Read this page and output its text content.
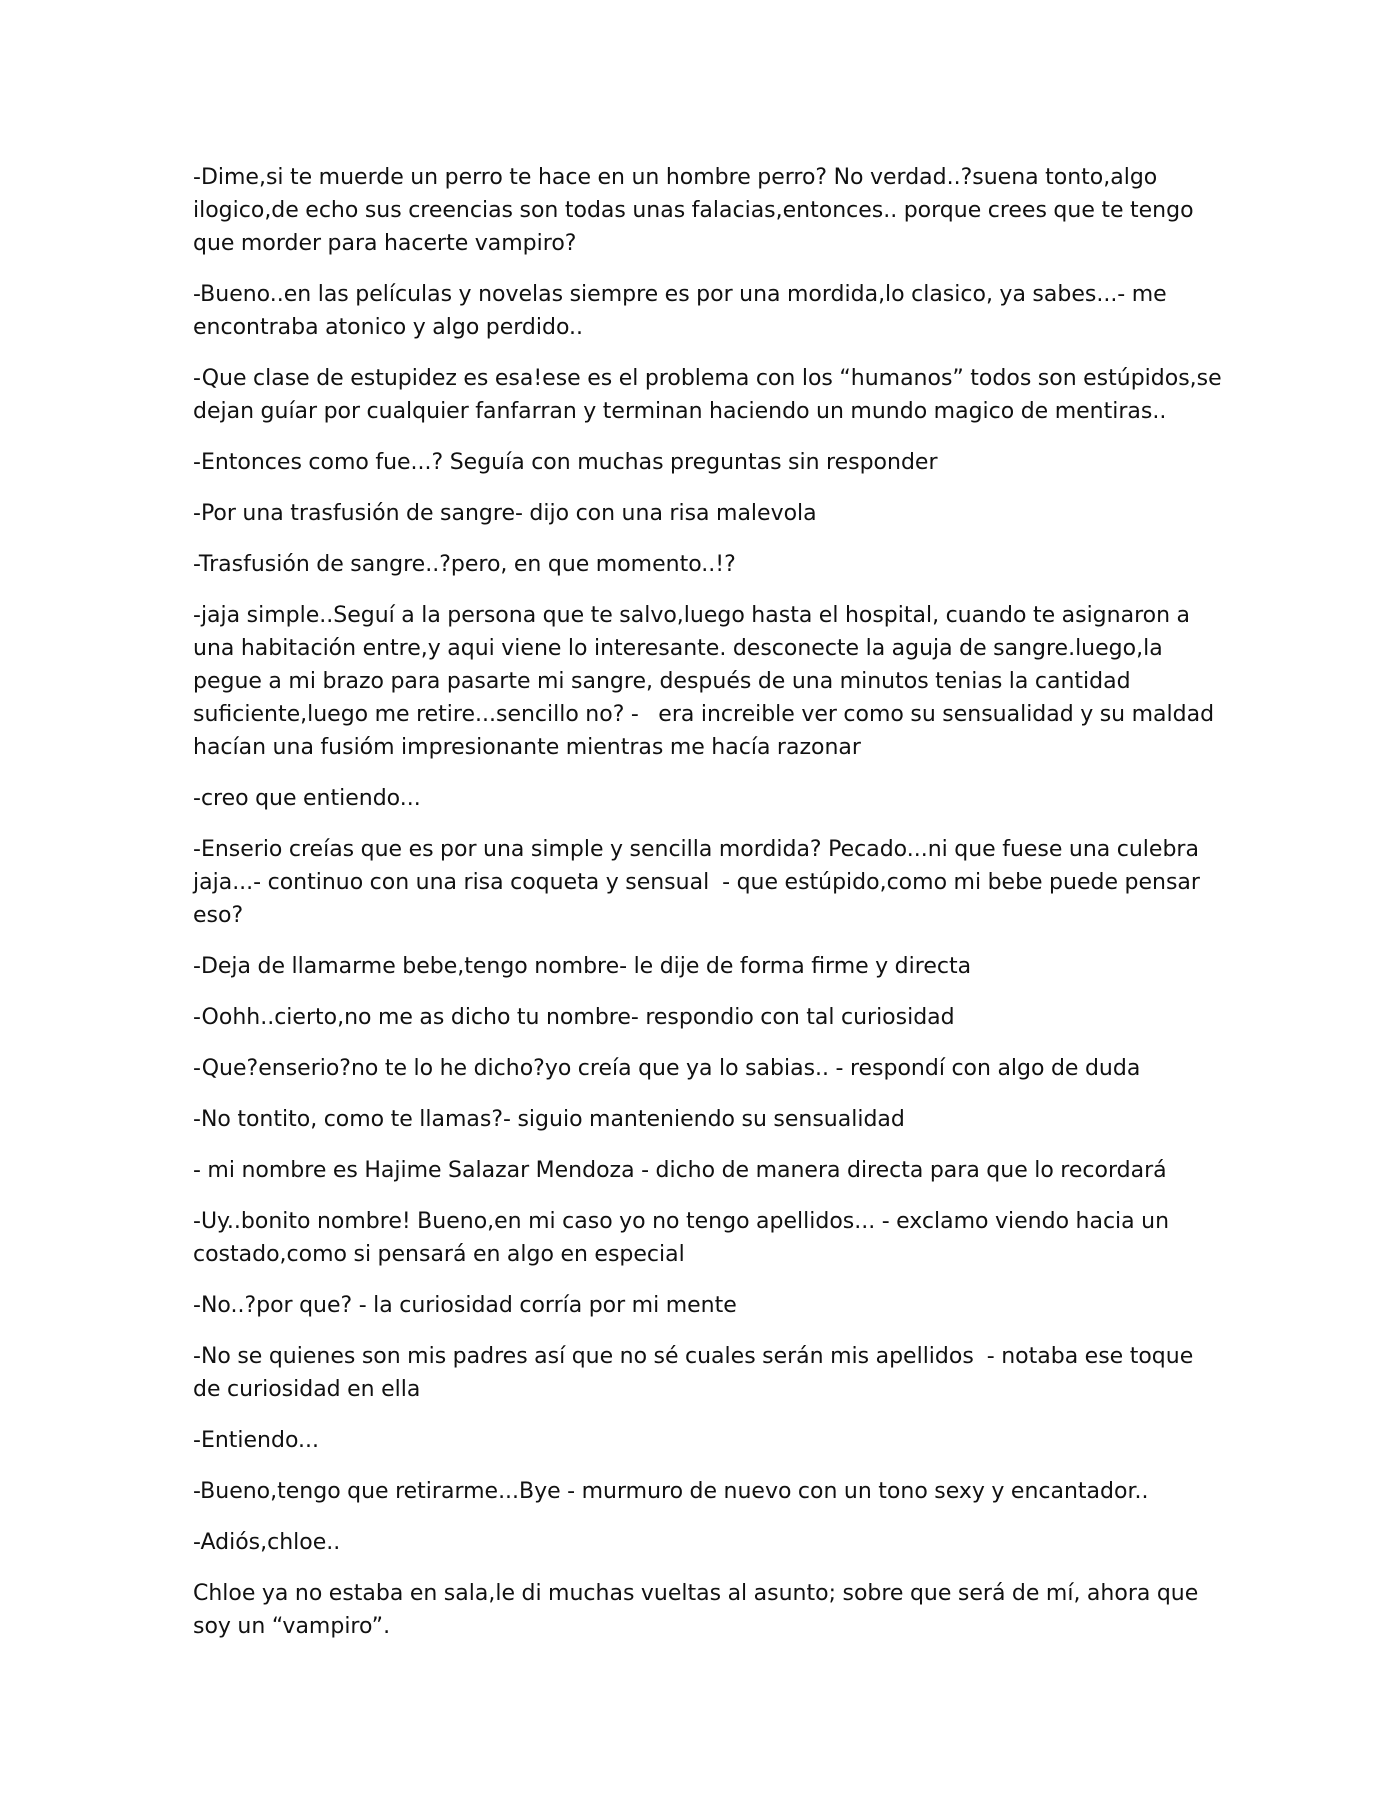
-Dime,si te muerde un perro te hace en un hombre perro? No verdad..?suena tonto,algo ilogico,de echo sus creencias son todas unas falacias,entonces.. porque crees que te tengo que morder para hacerte vampiro?

-Bueno..en las películas y novelas siempre es por una mordida,lo clasico, ya sabes...- me encontraba atonico y algo perdido..

-Que clase de estupidez es esa!ese es el problema con los “humanos” todos son estúpidos,se dejan guíar por cualquier fanfarran y terminan haciendo un mundo magico de mentiras..

-Entonces como fue...? Seguía con muchas preguntas sin responder

-Por una trasfusión de sangre- dijo con una risa malevola

-Trasfusión de sangre..?pero, en que momento..!?

-jaja simple..Seguí a la persona que te salvo,luego hasta el hospital, cuando te asignaron a una habitación entre,y aqui viene lo interesante. desconecte la aguja de sangre.luego,la pegue a mi brazo para pasarte mi sangre, después de una minutos tenias la cantidad suficiente,luego me retire...sencillo no? -   era increible ver como su sensualidad y su maldad hacían una fusióm impresionante mientras me hacía razonar

-creo que entiendo...

-Enserio creías que es por una simple y sencilla mordida? Pecado...ni que fuese una culebra jaja...- continuo con una risa coqueta y sensual  - que estúpido,como mi bebe puede pensar eso?

-Deja de llamarme bebe,tengo nombre- le dije de forma firme y directa

-Oohh..cierto,no me as dicho tu nombre- respondio con tal curiosidad

-Que?enserio?no te lo he dicho?yo creía que ya lo sabias.. - respondí con algo de duda

-No tontito, como te llamas?- siguio manteniendo su sensualidad

- mi nombre es Hajime Salazar Mendoza - dicho de manera directa para que lo recordará

-Uy..bonito nombre! Bueno,en mi caso yo no tengo apellidos... - exclamo viendo hacia un costado,como si pensará en algo en especial

-No..?por que? - la curiosidad corría por mi mente

-No se quienes son mis padres así que no sé cuales serán mis apellidos  - notaba ese toque de curiosidad en ella

-Entiendo...

-Bueno,tengo que retirarme...Bye - murmuro de nuevo con un tono sexy y encantador..

-Adiós,chloe..

Chloe ya no estaba en sala,le di muchas vueltas al asunto; sobre que será de mí, ahora que soy un “vampiro”.
